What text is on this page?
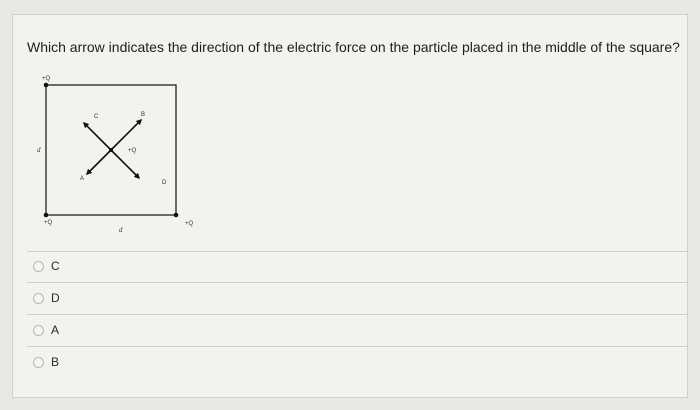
Which arrow indicates the direction of the electric force on the particle placed in the middle of the square?
+Q
+Q	+Q
+Q
C	B
A
D
d
d
C
D
A
B
